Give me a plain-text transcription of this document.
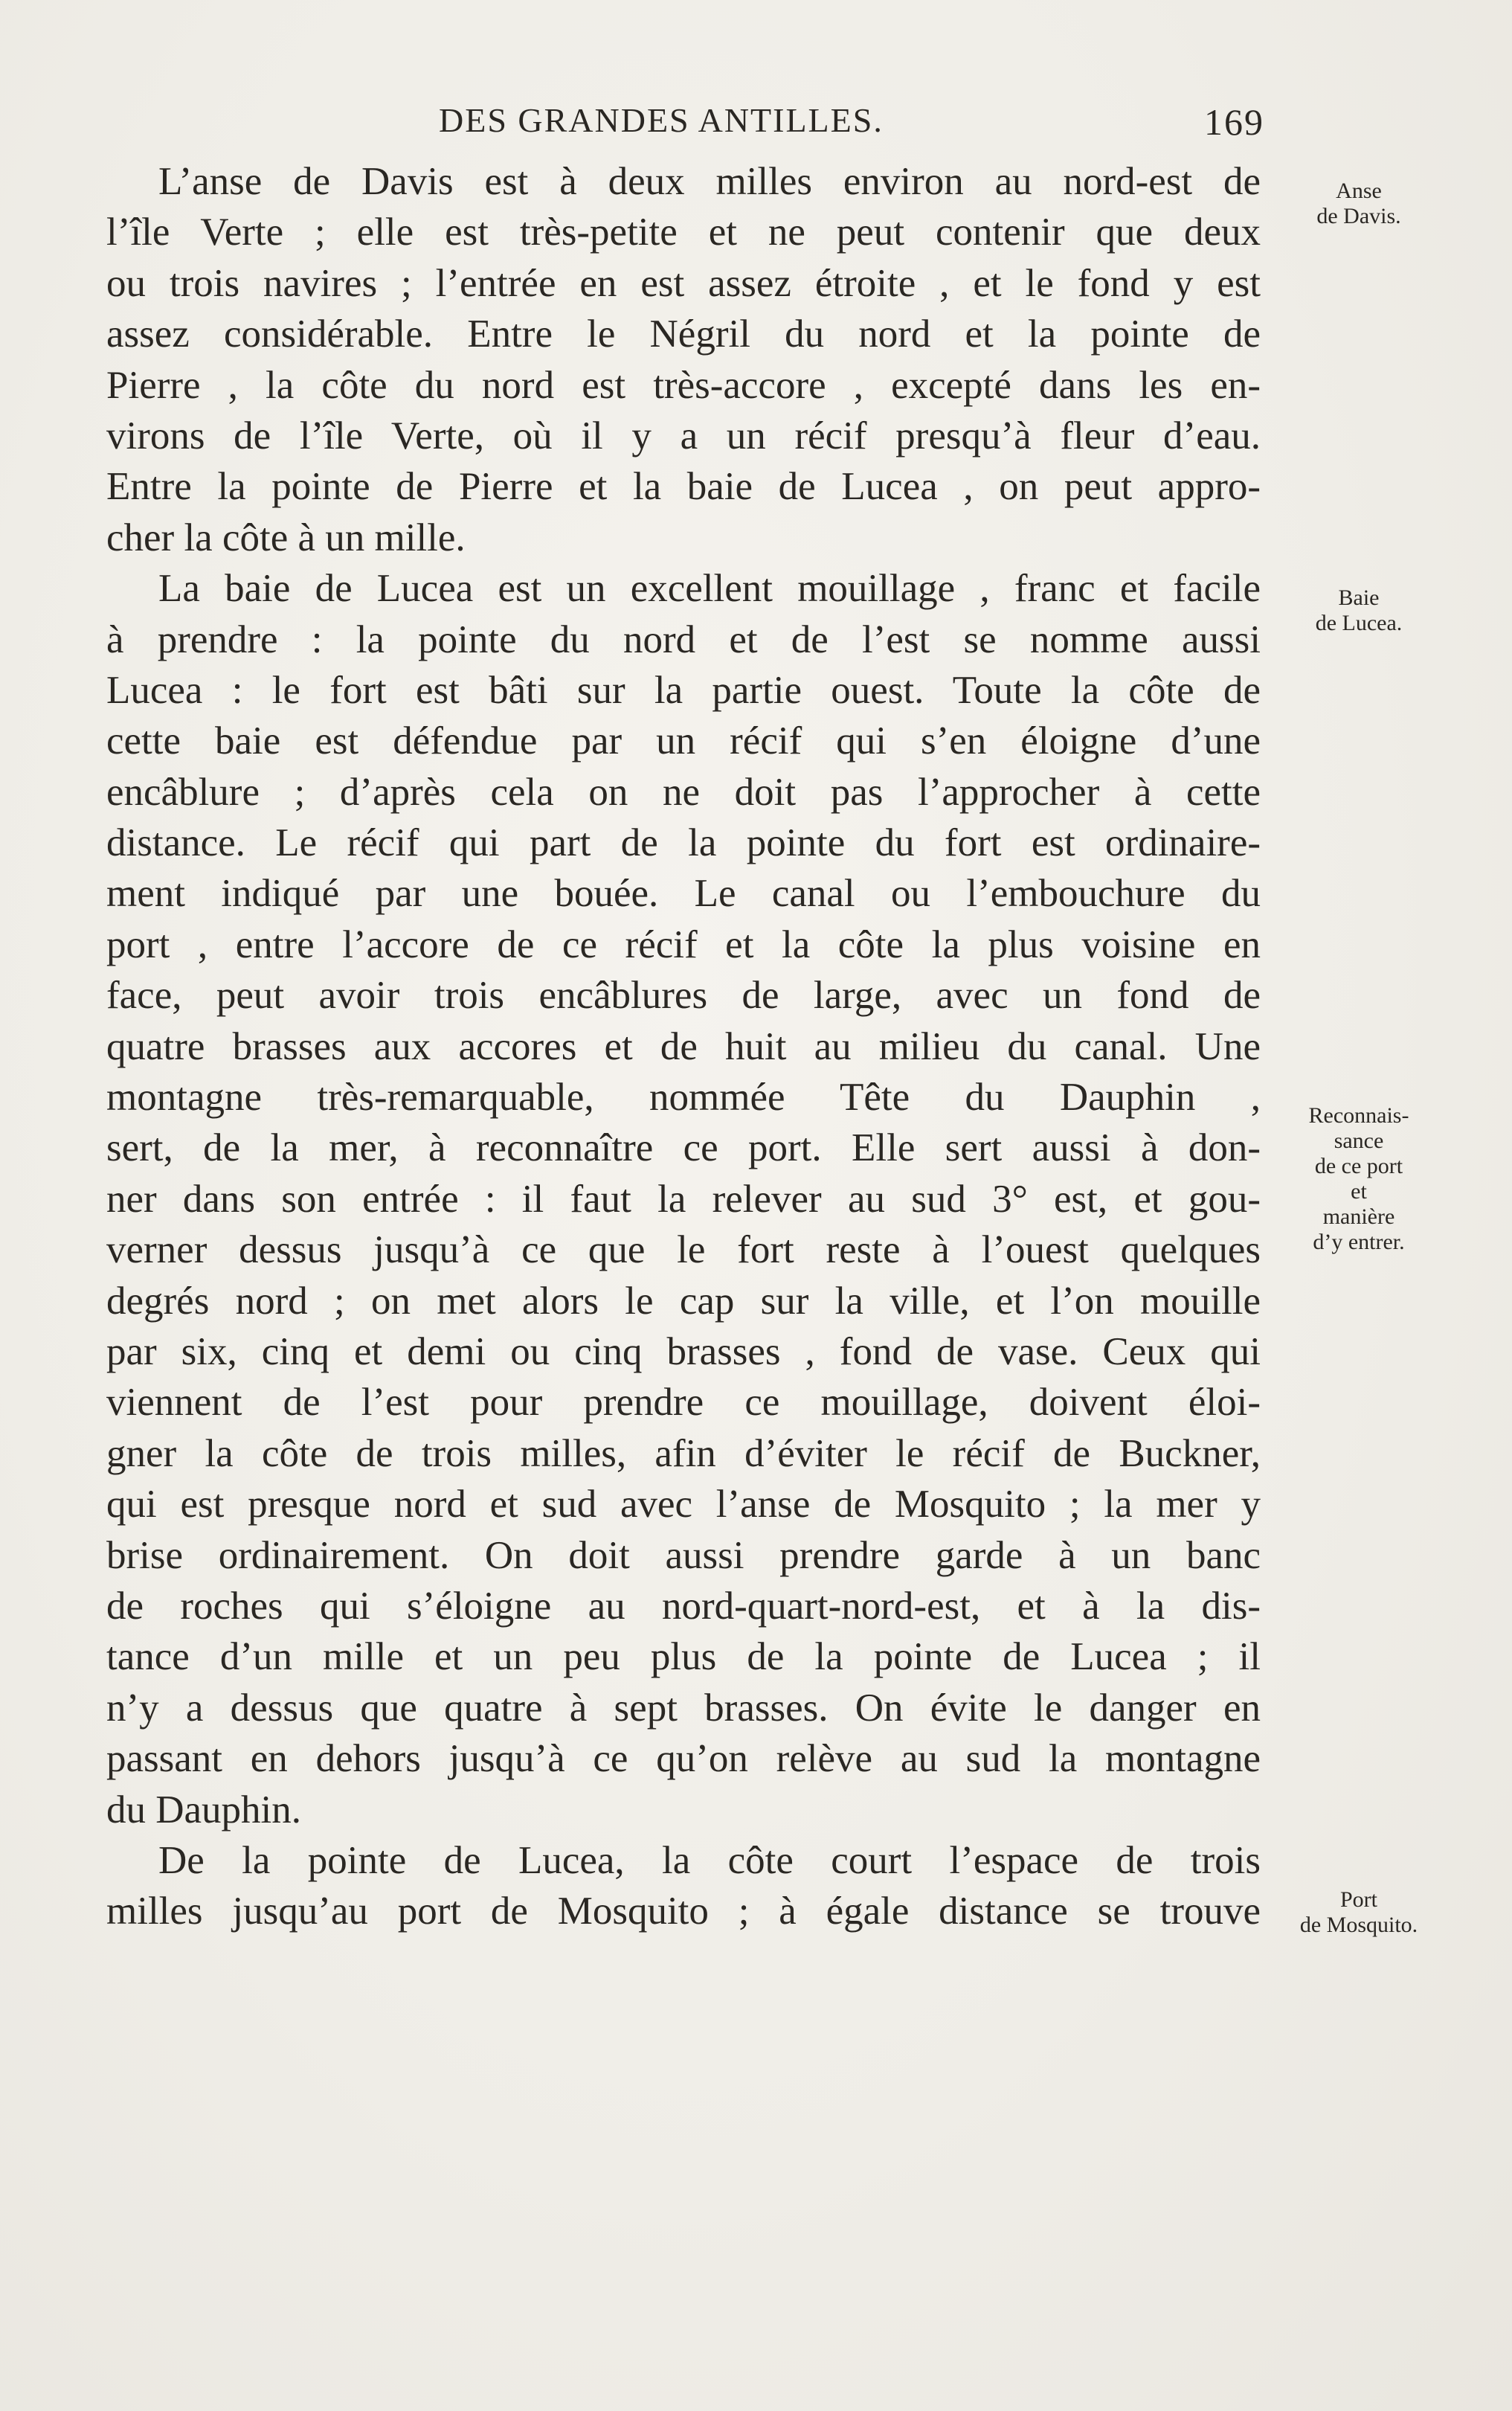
DES GRANDES ANTILLES.	169
L’anse de Davis est à deux milles environ au nord-est de
l’île Verte ; elle est très-petite et ne peut contenir que deux
ou trois navires ; l’entrée en est assez étroite , et le fond y est
assez considérable. Entre le Négril du nord et la pointe de
Pierre , la côte du nord est très-accore , excepté dans les en-
virons de l’île Verte, où il y a un récif presqu’à fleur d’eau.
Entre la pointe de Pierre et la baie de Lucea , on peut appro-
cher la côte à un mille.
La baie de Lucea est un excellent mouillage , franc et facile
à prendre : la pointe du nord et de l’est se nomme aussi
Lucea : le fort est bâti sur la partie ouest. Toute la côte de
cette baie est défendue par un récif qui s’en éloigne d’une
encâblure ; d’après cela on ne doit pas l’approcher à cette
distance. Le récif qui part de la pointe du fort est ordinaire-
ment indiqué par une bouée. Le canal ou l’embouchure du
port , entre l’accore de ce récif et la côte la plus voisine en
face, peut avoir trois encâblures de large, avec un fond de
quatre brasses aux accores et de huit au milieu du canal. Une
montagne très-remarquable, nommée Tête du Dauphin ,
sert, de la mer, à reconnaître ce port. Elle sert aussi à don-
ner dans son entrée : il faut la relever au sud 3° est, et gou-
verner dessus jusqu’à ce que le fort reste à l’ouest quelques
degrés nord ; on met alors le cap sur la ville, et l’on mouille
par six, cinq et demi ou cinq brasses , fond de vase. Ceux qui
viennent de l’est pour prendre ce mouillage, doivent éloi-
gner la côte de trois milles, afin d’éviter le récif de Buckner,
qui est presque nord et sud avec l’anse de Mosquito ; la mer y
brise ordinairement. On doit aussi prendre garde à un banc
de roches qui s’éloigne au nord-quart-nord-est, et à la dis-
tance d’un mille et un peu plus de la pointe de Lucea ; il
n’y a dessus que quatre à sept brasses. On évite le danger en
passant en dehors jusqu’à ce qu’on relève au sud la montagne
du Dauphin.
De la pointe de Lucea, la côte court l’espace de trois
milles jusqu’au port de Mosquito ; à égale distance se trouve
Anse
de Davis.
Baie
de Lucea.
Reconnais-
sance
de ce port
et
manière
d’y entrer.
Port
de Mosquito.
